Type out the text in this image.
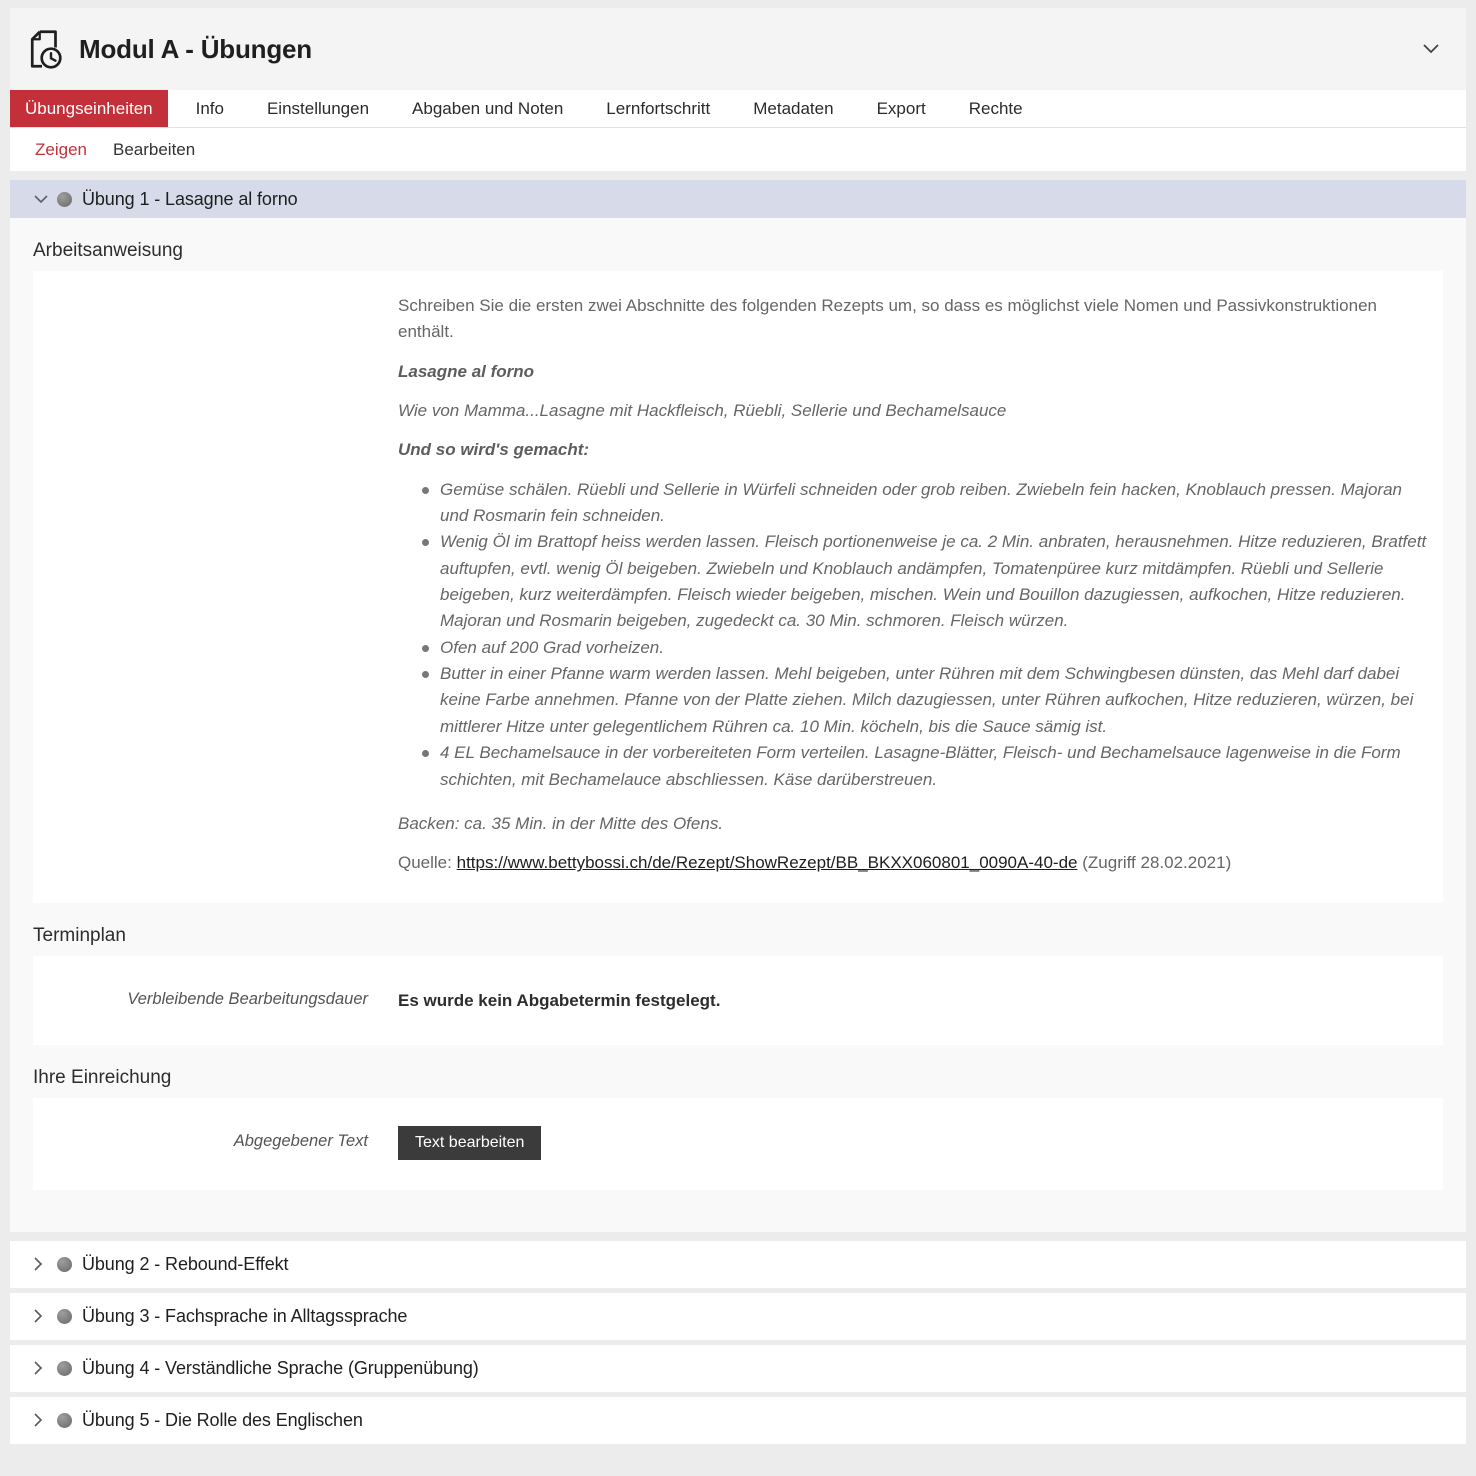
Modul A - Übungen
Übungseinheiten	Info	Einstellungen	Abgaben und Noten	Lernfortschritt	Metadaten	Export	Rechte
Zeigen Bearbeiten
Übung 1 - Lasagne al forno
Arbeitsanweisung

Schreiben Sie die ersten zwei Abschnitte des folgenden Rezepts um, so dass es möglichst viele Nomen und Passivkonstruktionen enthält.

Lasagne al forno

Wie von Mamma...Lasagne mit Hackfleisch, Rüebli, Sellerie und Bechamelsauce

Und so wird's gemacht:

Gemüse schälen. Rüebli und Sellerie in Würfeli schneiden oder grob reiben. Zwiebeln fein hacken, Knoblauch pressen. Majoran und Rosmarin fein schneiden.
Wenig Öl im Brattopf heiss werden lassen. Fleisch portionenweise je ca. 2 Min. anbraten, herausnehmen. Hitze reduzieren, Bratfett auftupfen, evtl. wenig Öl beigeben. Zwiebeln und Knoblauch andämpfen, Tomatenpüree kurz mitdämpfen. Rüebli und Sellerie beigeben, kurz weiterdämpfen. Fleisch wieder beigeben, mischen. Wein und Bouillon dazugiessen, aufkochen, Hitze reduzieren. Majoran und Rosmarin beigeben, zugedeckt ca. 30 Min. schmoren. Fleisch würzen.
Ofen auf 200 Grad vorheizen.
Butter in einer Pfanne warm werden lassen. Mehl beigeben, unter Rühren mit dem Schwingbesen dünsten, das Mehl darf dabei keine Farbe annehmen. Pfanne von der Platte ziehen. Milch dazugiessen, unter Rühren aufkochen, Hitze reduzieren, würzen, bei mittlerer Hitze unter gelegentlichem Rühren ca. 10 Min. köcheln, bis die Sauce sämig ist.
4 EL Bechamelsauce in der vorbereiteten Form verteilen. Lasagne-Blätter, Fleisch- und Bechamelsauce lagenweise in die Form schichten, mit Bechamelauce abschliessen. Käse darüberstreuen.

Backen: ca. 35 Min. in der Mitte des Ofens.

Quelle: https://www.bettybossi.ch/de/Rezept/ShowRezept/BB_BKXX060801_0090A-40-de (Zugriff 28.02.2021)

Terminplan
Verbleibende Bearbeitungsdauer	Es wurde kein Abgabetermin festgelegt.
Ihre Einreichung
Abgegebener Text	Text bearbeiten
Übung 2 - Rebound-Effekt
Übung 3 - Fachsprache in Alltagssprache
Übung 4 - Verständliche Sprache (Gruppenübung)
Übung 5 - Die Rolle des Englischen
